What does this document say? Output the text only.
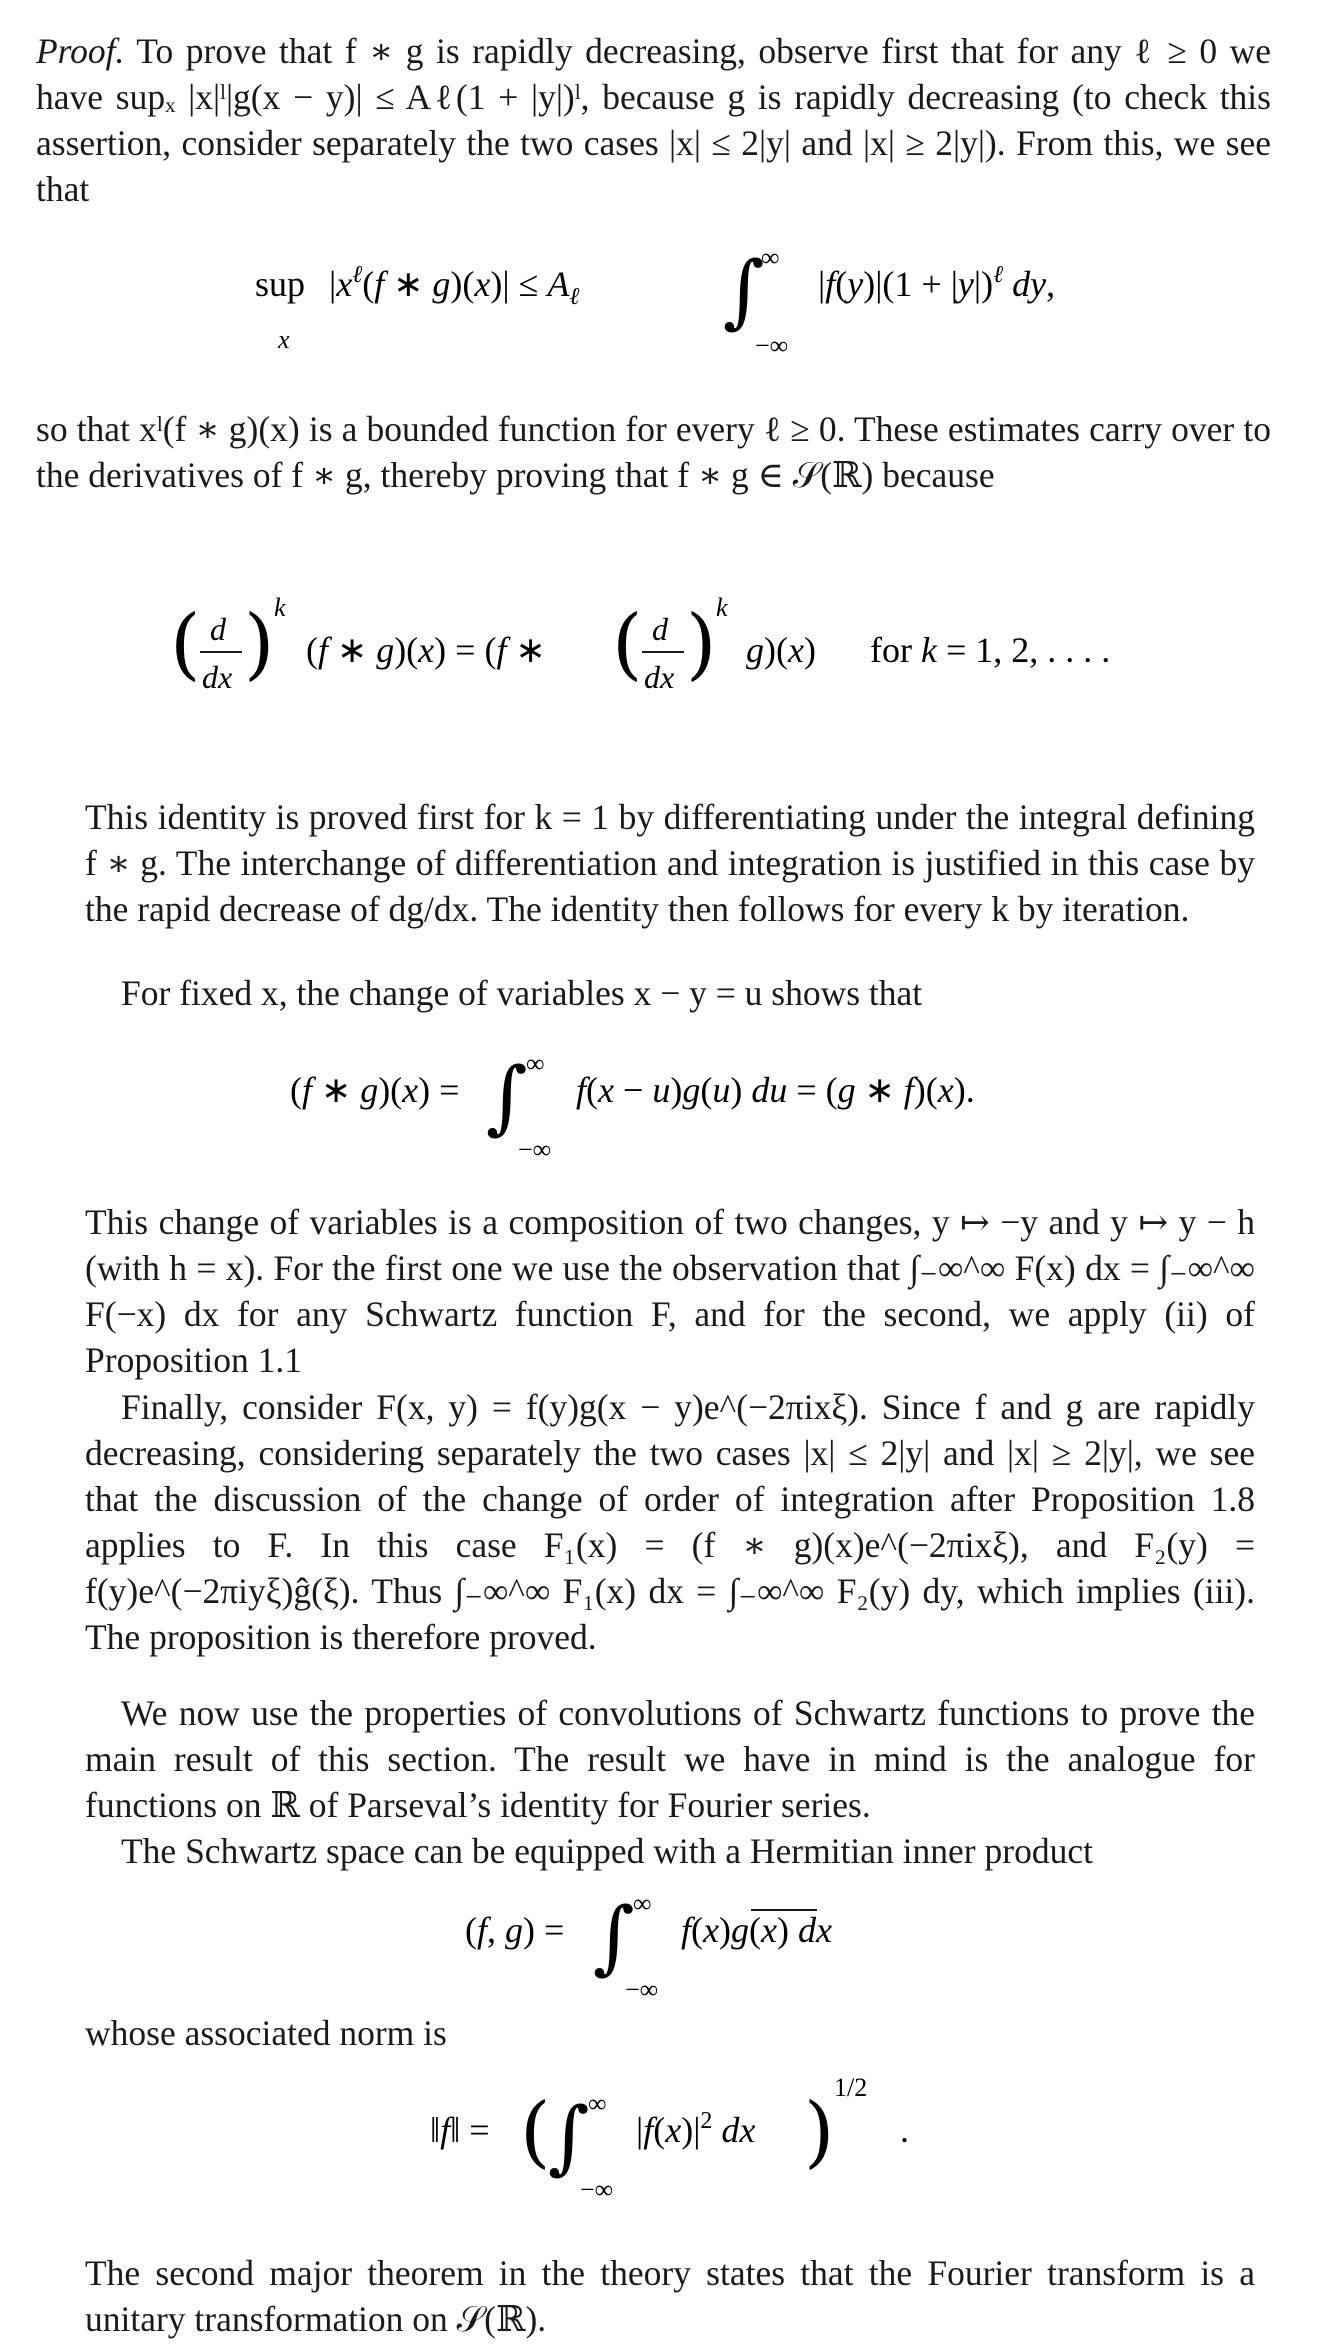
Proof. To prove that f ∗ g is rapidly decreasing, observe first that for any ℓ ≥ 0 we have supₓ |x|ˡ|g(x − y)| ≤ Aℓ(1 + |y|)ˡ, because g is rapidly decreasing (to check this assertion, consider separately the two cases |x| ≤ 2|y| and |x| ≥ 2|y|). From this, we see that

sup
x
$|x^\ell(f$ ∗ $g)(x)| \le A_\ell$ ∫
∞
−∞
$|f(y)|(1 + |y|)^\ell$ dy,

so that xˡ(f ∗ g)(x) is a bounded function for every ℓ ≥ 0. These estimates carry over to the derivatives of f ∗ g, thereby proving that f ∗ g ∈ 𝒮(ℝ) because

( d
dx ) k
(f ∗ g)(x) = (f ∗ ( d
dx ) k
g)(x) for k = 1, 2, . . . .

This identity is proved first for k = 1 by differentiating under the integral defining f ∗ g. The interchange of differentiation and integration is justified in this case by the rapid decrease of dg/dx. The identity then follows for every k by iteration.

For fixed x, the change of variables x − y = u shows that

(f ∗ g)(x) = ∫
∞
−∞
f(x − u)g(u) du = (g ∗ f)(x).

This change of variables is a composition of two changes, y ↦ −y and y ↦ y − h (with h = x). For the first one we use the observation that ∫₋∞^∞ F(x) dx = ∫₋∞^∞ F(−x) dx for any Schwartz function F, and for the second, we apply (ii) of Proposition 1.1

Finally, consider F(x, y) = f(y)g(x − y)e^(−2πixξ). Since f and g are rapidly decreasing, considering separately the two cases |x| ≤ 2|y| and |x| ≥ 2|y|, we see that the discussion of the change of order of integration after Proposition 1.8 applies to F. In this case F₁(x) = (f ∗ g)(x)e^(−2πixξ), and F₂(y) = f(y)e^(−2πiyξ)ĝ(ξ). Thus ∫₋∞^∞ F₁(x) dx = ∫₋∞^∞ F₂(y) dy, which implies (iii). The proposition is therefore proved.

We now use the properties of convolutions of Schwartz functions to prove the main result of this section. The result we have in mind is the analogue for functions on ℝ of Parseval’s identity for Fourier series.

The Schwartz space can be equipped with a Hermitian inner product

(f, g) = ∫
∞
−∞
f(x)g(x) dx

whose associated norm is

‖f‖ = (
∫
∞
−∞
$|f(x)|^2$ dx ) 1/2
.

The second major theorem in the theory states that the Fourier transform is a unitary transformation on 𝒮(ℝ).
